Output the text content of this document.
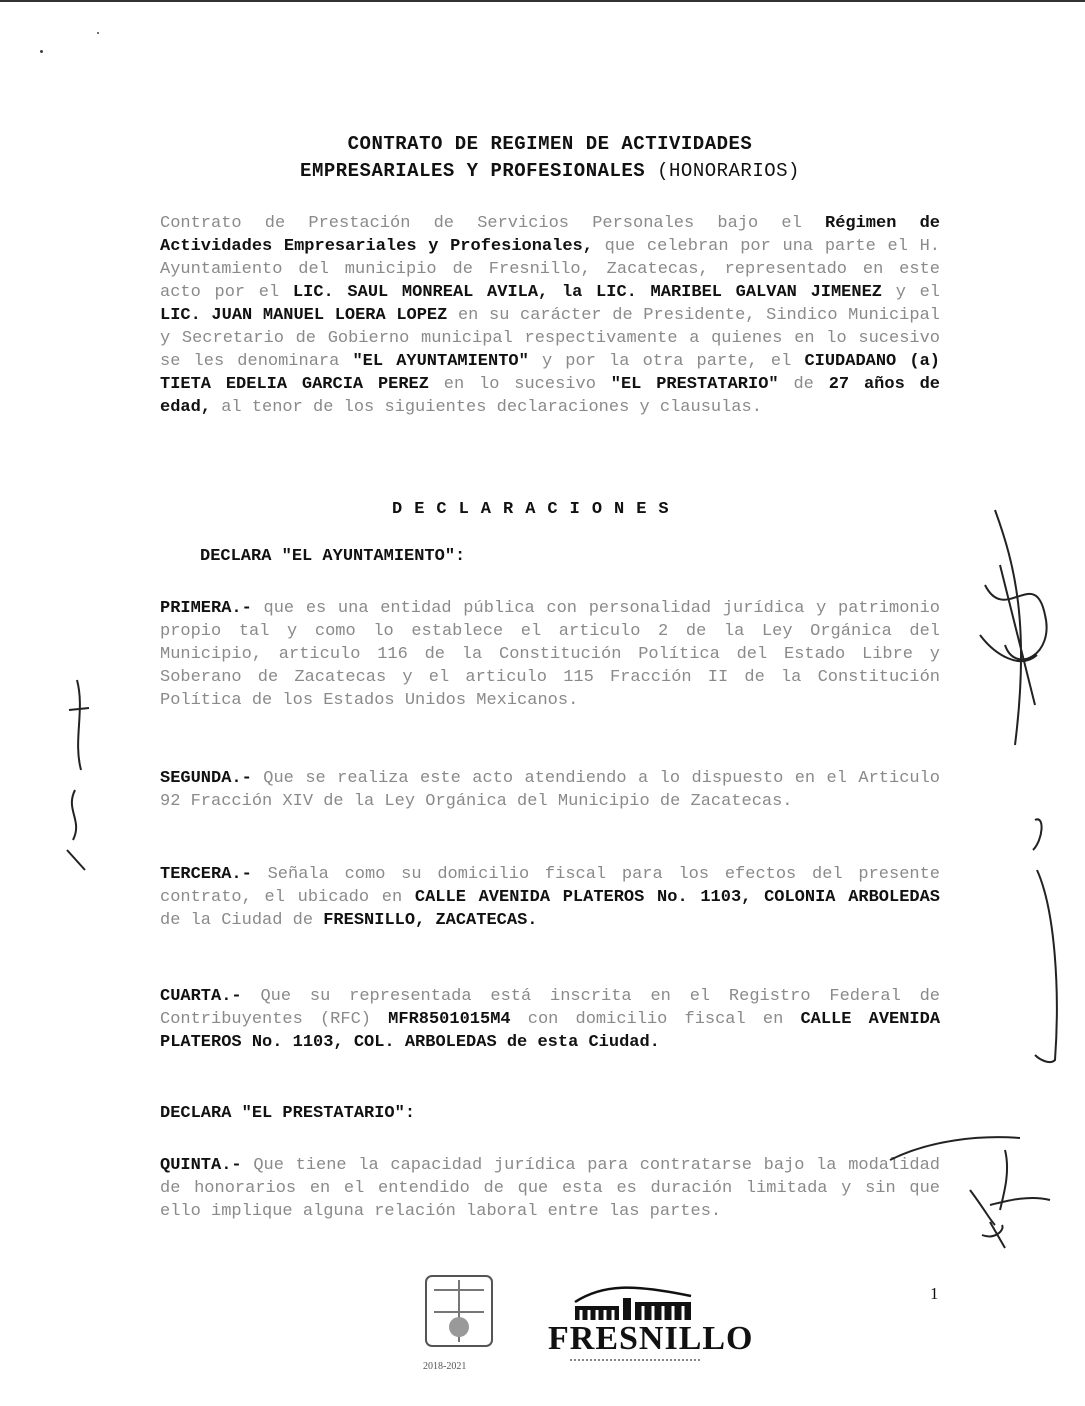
CONTRATO DE REGIMEN DE ACTIVIDADES
EMPRESARIALES Y PROFESIONALES (HONORARIOS)

Contrato de Prestación de Servicios Personales bajo el Régimen de Actividades Empresariales y Profesionales, que celebran por una parte el H. Ayuntamiento del municipio de Fresnillo, Zacatecas, representado en este acto por el LIC. SAUL MONREAL AVILA, la LIC. MARIBEL GALVAN JIMENEZ y el LIC. JUAN MANUEL LOERA LOPEZ en su carácter de Presidente, Sindico Municipal y Secretario de Gobierno municipal respectivamente a quienes en lo sucesivo se les denominara "EL AYUNTAMIENTO" y por la otra parte, el CIUDADANO (a) TIETA EDELIA GARCIA PEREZ en lo sucesivo "EL PRESTATARIO" de 27 años de edad, al tenor de los siguientes declaraciones y clausulas.

DECLARACIONES
DECLARA "EL AYUNTAMIENTO":

PRIMERA.- que es una entidad pública con personalidad jurídica y patrimonio propio tal y como lo establece el articulo 2 de la Ley Orgánica del Municipio, articulo 116 de la Constitución Política del Estado Libre y Soberano de Zacatecas y el articulo 115 Fracción II de la Constitución Política de los Estados Unidos Mexicanos.

SEGUNDA.- Que se realiza este acto atendiendo a lo dispuesto en el Articulo 92 Fracción XIV de la Ley Orgánica del Municipio de Zacatecas.

TERCERA.- Señala como su domicilio fiscal para los efectos del presente contrato, el ubicado en CALLE AVENIDA PLATEROS No. 1103, COLONIA ARBOLEDAS de la Ciudad de FRESNILLO, ZACATECAS.

CUARTA.- Que su representada está inscrita en el Registro Federal de Contribuyentes (RFC) MFR8501015M4 con domicilio fiscal en CALLE AVENIDA PLATEROS No. 1103, COL. ARBOLEDAS de esta Ciudad.

DECLARA "EL PRESTATARIO":

QUINTA.- Que tiene la capacidad jurídica para contratarse bajo la modalidad de honorarios en el entendido de que esta es duración limitada y sin que ello implique alguna relación laboral entre las partes.

1
2018-2021
FRESNILLO
